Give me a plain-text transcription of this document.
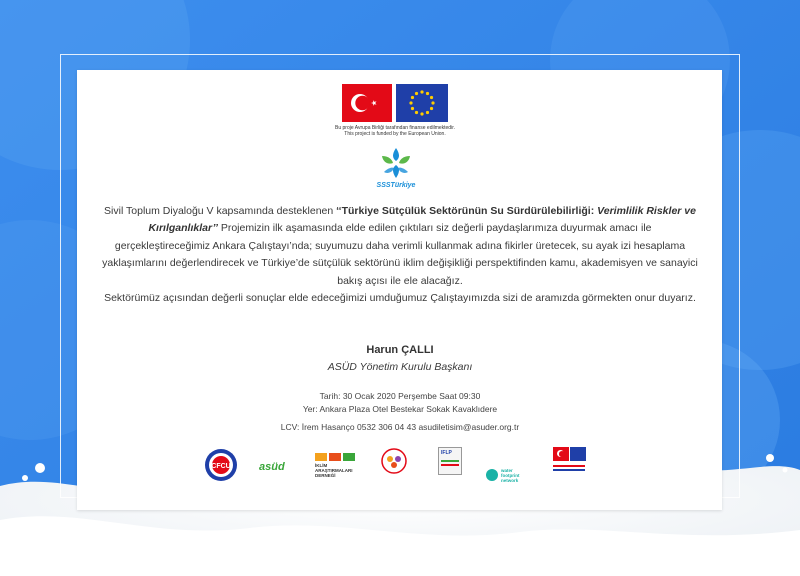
Bu proje Avrupa Birliği tarafından finanse edilmektedir.
This project is funded by the European Union.
SSSTürkiye
Sivil Toplum Diyaloğu V kapsamında desteklenen ‘‘Türkiye Sütçülük Sektörünün Su Sürdürülebilirliği: Verimlilik Riskler ve Kırılganlıklar’’ Projemizin ilk aşamasında elde edilen çıktıları siz değerli paydaşlarımıza duyurmak amacı ile gerçekleştireceğimiz Ankara Çalıştayı’nda; suyumuzu daha verimli kullanmak adına fikirler üretecek, su ayak izi hesaplama yaklaşımlarını değerlendirecek ve Türkiye’de sütçülük sektörünü iklim değişikliği perspektifinden kamu, akademisyen ve sanayici bakış açısı ile ele alacağız.
Sektörümüz açısından değerli sonuçlar elde edeceğimizi umduğumuz Çalıştayımızda sizi de aramızda görmekten onur duyarız.
Harun ÇALLI
ASÜD Yönetim Kurulu Başkanı
Tarih: 30 Ocak 2020 Perşembe Saat 09:30
Yer: Ankara Plaza Otel Bestekar Sokak Kavaklıdere
LCV: İrem Hasanço 0532 306 04 43 asudiletisim@asuder.org.tr
CFCU	asüd	İKLİM ARAŞTIRMALARI DERNEĞİ
IFLP
water footprint network
